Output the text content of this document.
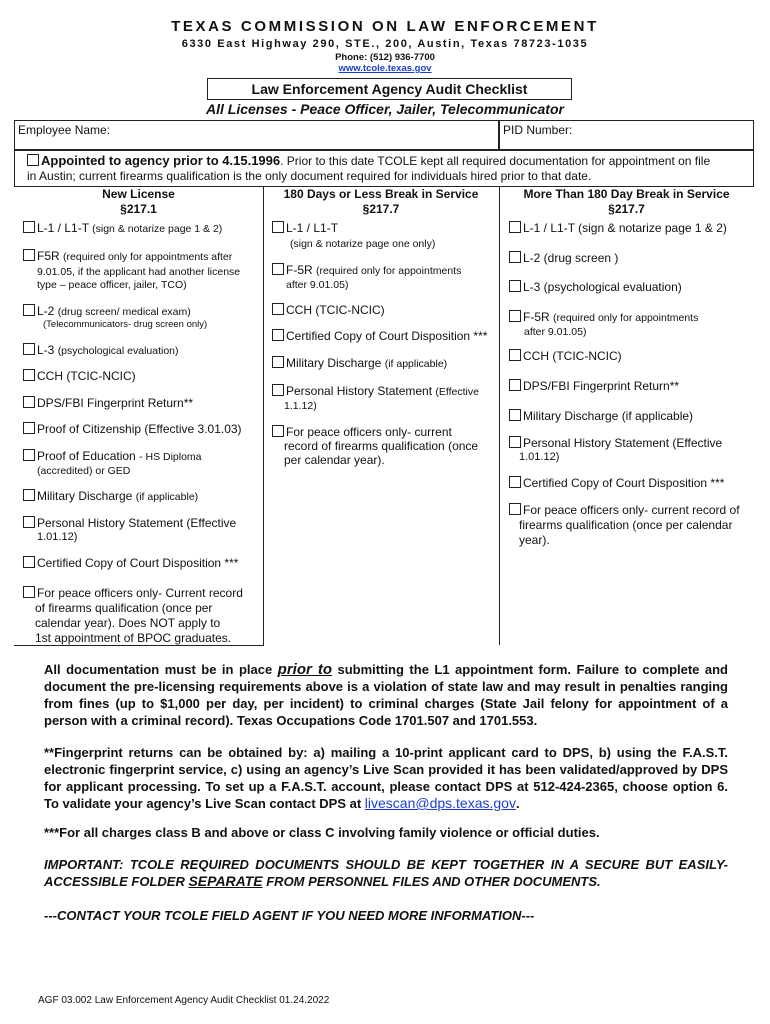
TEXAS COMMISSION ON LAW ENFORCEMENT
6330 East Highway 290, STE., 200, Austin, Texas 78723-1035
Phone: (512) 936-7700
www.tcole.texas.gov
Law Enforcement Agency Audit Checklist
All Licenses - Peace Officer, Jailer, Telecommunicator
Employee Name:	PID Number:
Appointed to agency prior to 4.15.1996. Prior to this date TCOLE kept all required documentation for appointment on file
in Austin; current firearms qualification is the only document required for individuals hired prior to that date.
New License
§217.1
L-1 / L1-T (sign & notarize page 1 & 2)
F5R (required only for appointments after
9.01.05, if the applicant had another license
type – peace officer, jailer, TCO)
L-2 (drug screen/ medical exam)
(Telecommunicators- drug screen only)
L-3 (psychological evaluation)
CCH (TCIC-NCIC)
DPS/FBI Fingerprint Return**
Proof of Citizenship (Effective 3.01.03)
Proof of Education - HS Diploma
(accredited) or GED
Military Discharge (if applicable)
Personal History Statement (Effective
1.01.12)
Certified Copy of Court Disposition ***
For peace officers only- Current record
of firearms qualification (once per
calendar year). Does NOT apply to
1st appointment of BPOC graduates.
180 Days or Less Break in Service
§217.7
L-1 / L1-T
(sign & notarize page one only)
F-5R (required only for appointments
after 9.01.05)
CCH (TCIC-NCIC)
Certified Copy of Court Disposition ***
Military Discharge (if applicable)
Personal History Statement (Effective
1.1.12)
For peace officers only- current
record of firearms qualification (once
per calendar year).
More Than 180 Day Break in Service
§217.7
L-1 / L1-T (sign & notarize page 1 & 2)
L-2 (drug screen )
L-3 (psychological evaluation)
F-5R (required only for appointments
after 9.01.05)
CCH (TCIC-NCIC)
DPS/FBI Fingerprint Return**
Military Discharge (if applicable)
Personal History Statement (Effective
1.01.12)
Certified Copy of Court Disposition ***
For peace officers only- current record of
firearms qualification (once per calendar
year).
All documentation must be in place prior to submitting the L1 appointment form. Failure to complete and document the pre-licensing requirements above is a violation of state law and may result in penalties ranging from fines (up to $1,000 per day, per incident) to criminal charges (State Jail felony for appointment of a person with a criminal record). Texas Occupations Code 1701.507 and 1701.553.
**Fingerprint returns can be obtained by: a) mailing a 10-print applicant card to DPS, b) using the F.A.S.T. electronic fingerprint service, c) using an agency’s Live Scan provided it has been validated/approved by DPS for applicant processing. To set up a F.A.S.T. account, please contact DPS at 512-424-2365, choose option 6. To validate your agency’s Live Scan contact DPS at livescan@dps.texas.gov.
***For all charges class B and above or class C involving family violence or official duties.
IMPORTANT: TCOLE REQUIRED DOCUMENTS SHOULD BE KEPT TOGETHER IN A SECURE BUT EASILY-ACCESSIBLE FOLDER SEPARATE FROM PERSONNEL FILES AND OTHER DOCUMENTS.
---CONTACT YOUR TCOLE FIELD AGENT IF YOU NEED MORE INFORMATION---
AGF 03.002 Law Enforcement Agency Audit Checklist 01.24.2022
